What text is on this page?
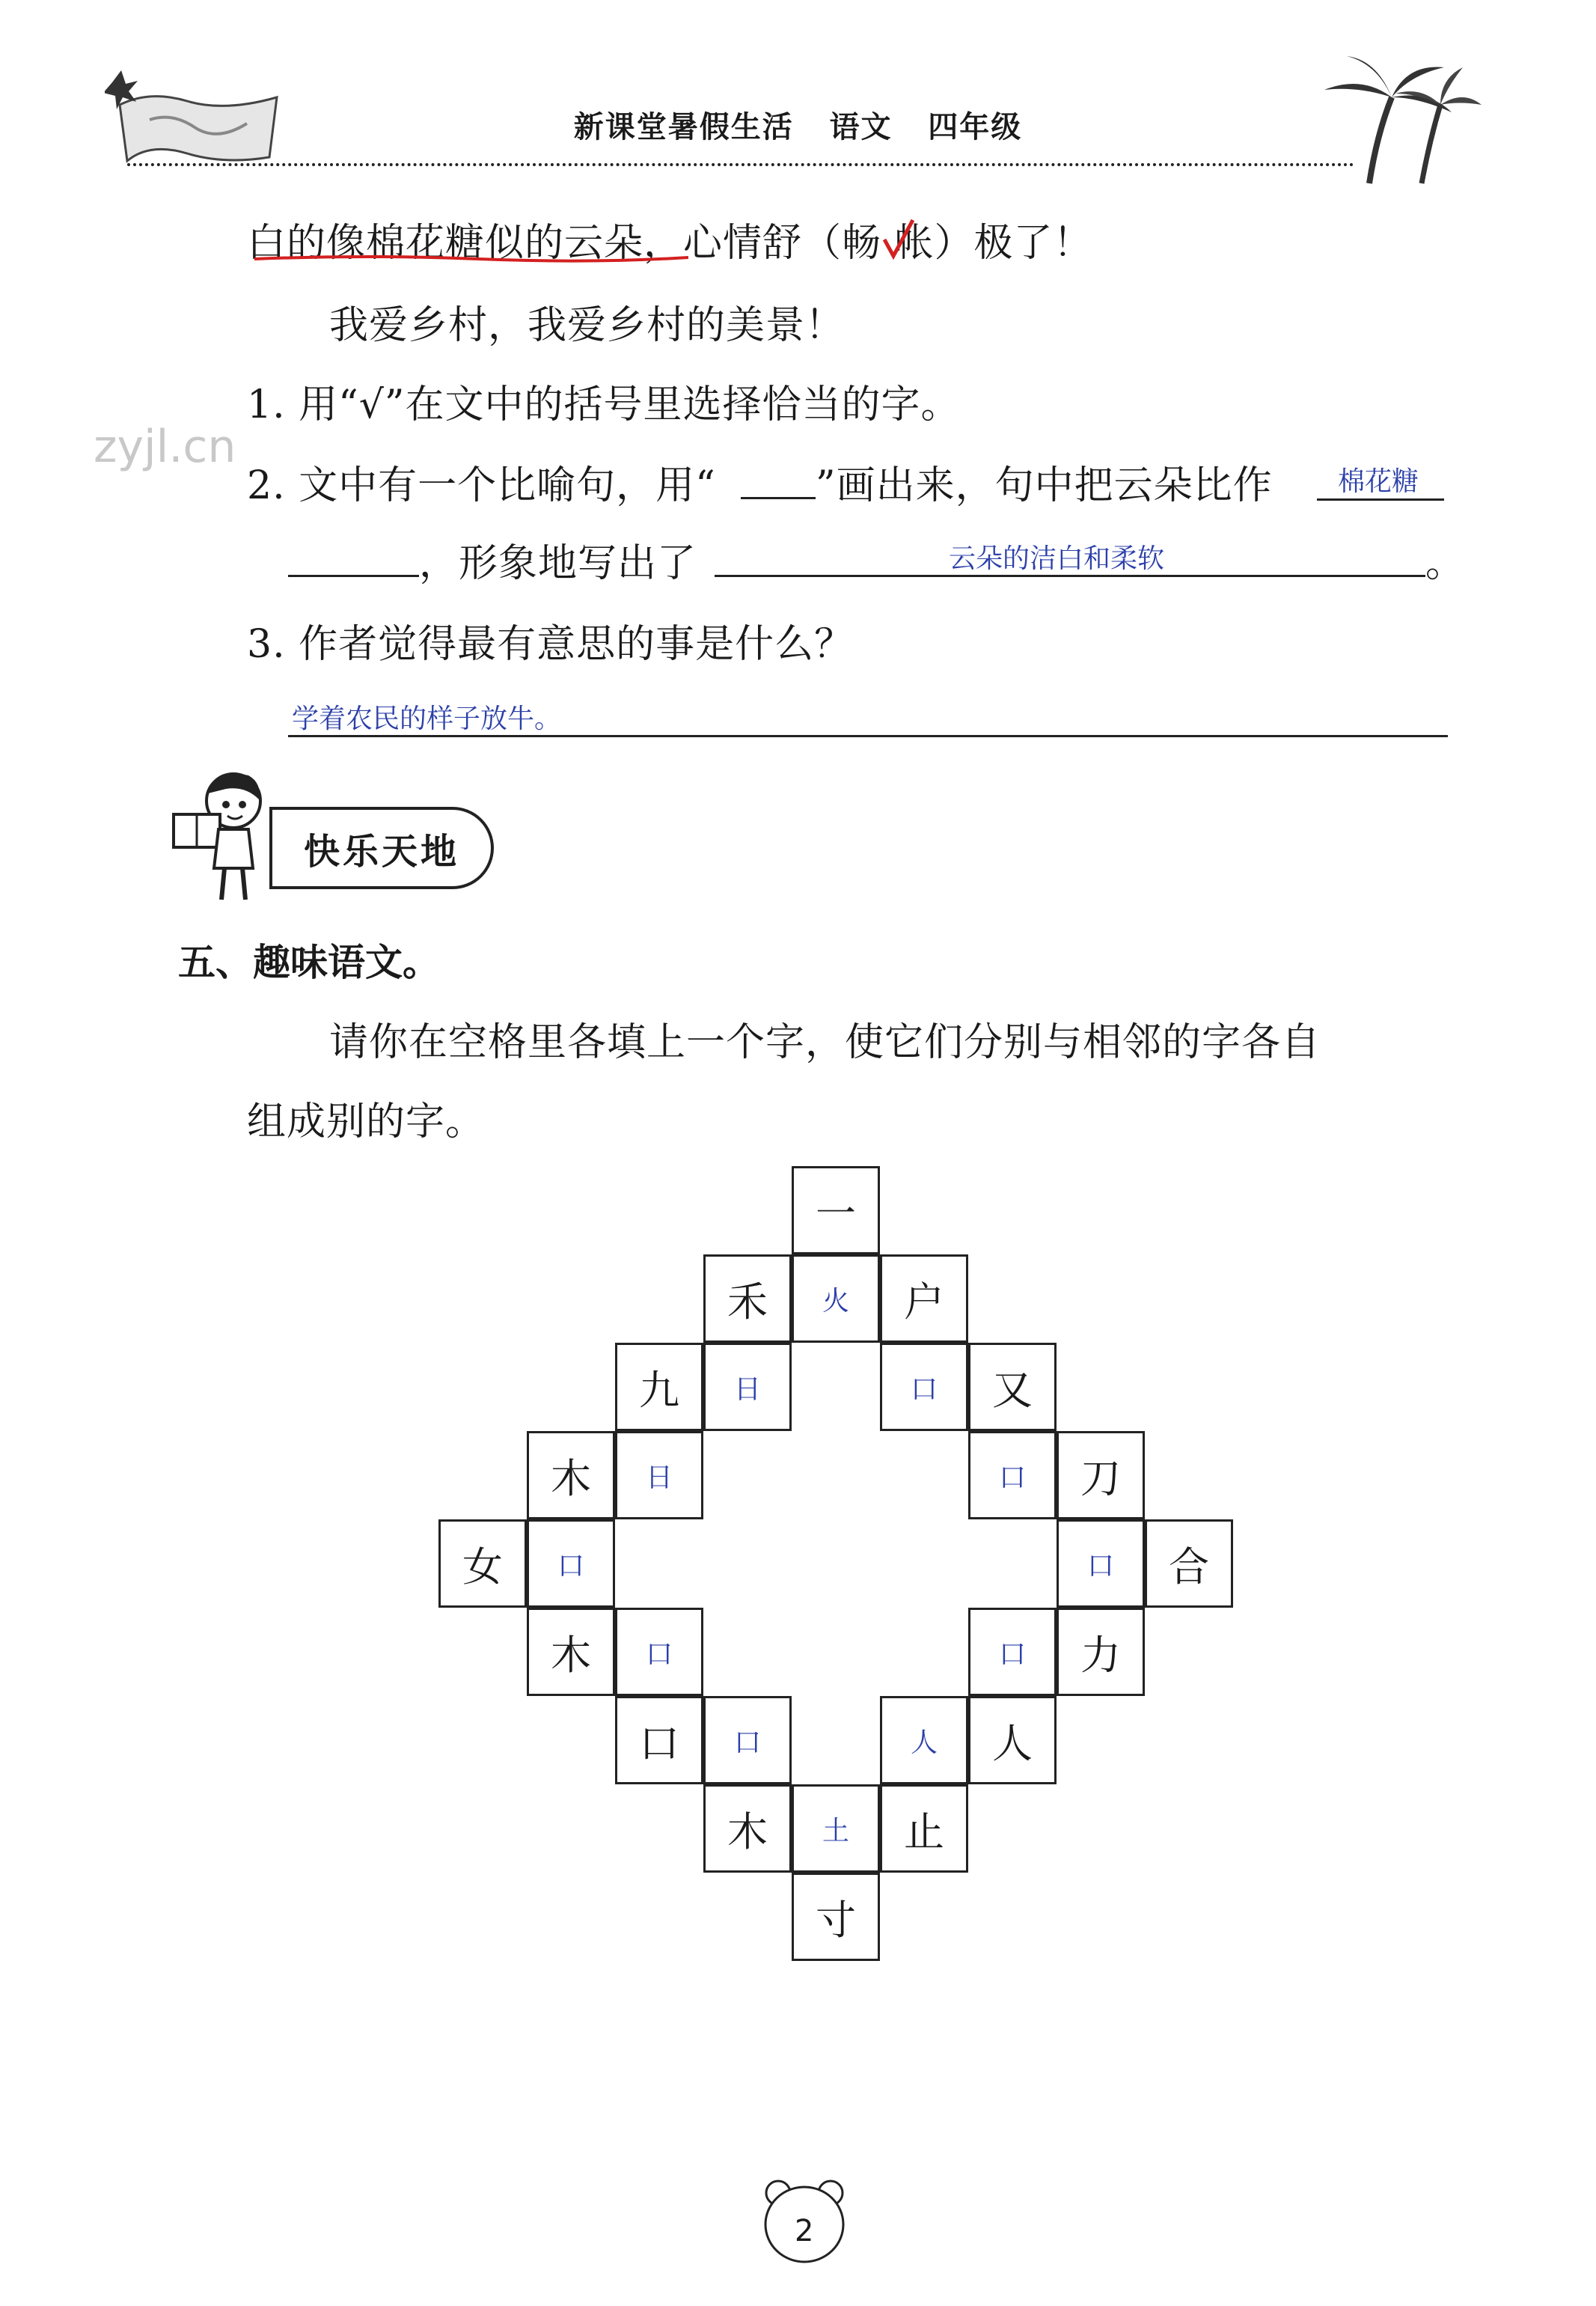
新课堂暑假生活   语文   四年级
白的像棉花糖似的云朵，心情舒（畅 帐）极了！
我爱乡村，我爱乡村的美景！
1. 用“√”在文中的括号里选择恰当的字。
zyjl.cn
2. 文中有一个比喻句，用“	”画出来，句中把云朵比作 棉花糖
，形象地写出了	云朵的洁白和柔软	。
3. 作者觉得最有意思的事是什么？
学着农民的样子放牛。
快乐天地
五、趣味语文。
请你在空格里各填上一个字，使它们分别与相邻的字各自
组成别的字。
一
禾 火 户
九 日	口 又
木 日	口 刀
女 口	口 合
木 口	口 力
口 口	人 人
木 土 止
寸
2
